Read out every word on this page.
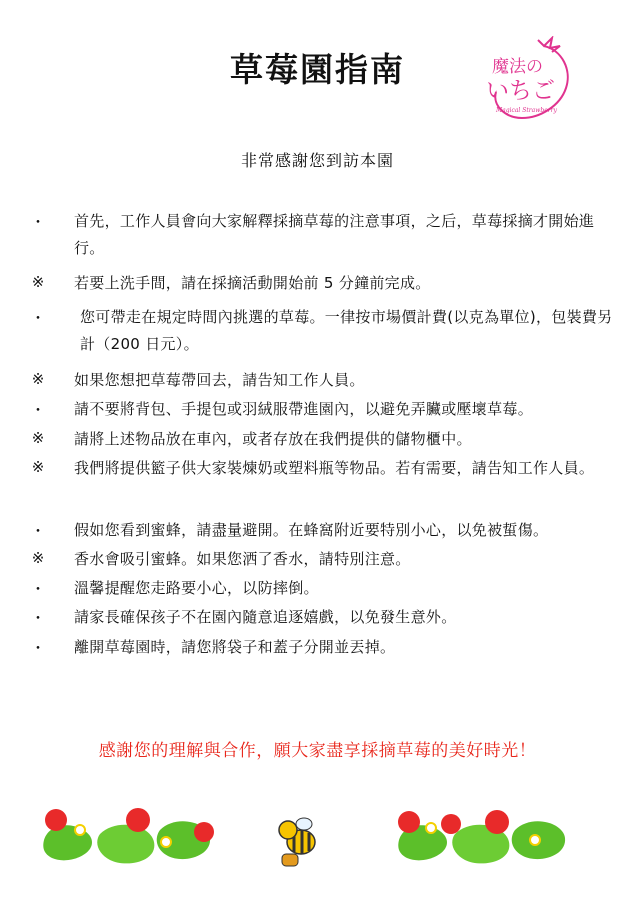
草莓園指南	魔法の
いちご
Magical Strawberry
非常感謝您到訪本園
・ 首先，工作人員會向大家解釋採摘草莓的注意事項，之后，草莓採摘才開始進行。
※	若要上洗手間，請在採摘活動開始前 5 分鐘前完成。
・ 您可帶走在規定時間內挑選的草莓。一律按市場價計費(以克為單位)，包裝費另計（200 日元）。
※	如果您想把草莓帶回去，請告知工作人員。
・ 請不要將背包、手提包或羽絨服帶進園內，以避免弄臟或壓壞草莓。
※	請將上述物品放在車內，或者存放在我們提供的儲物櫃中。
※	我們將提供籃子供大家裝煉奶或塑料瓶等物品。若有需要，請告知工作人員。
・ 假如您看到蜜蜂，請盡量避開。在蜂窩附近要特別小心，以免被蜇傷。
※	香水會吸引蜜蜂。如果您洒了香水，請特別注意。
・ 溫馨提醒您走路要小心，以防摔倒。
・ 請家長確保孩子不在園內隨意追逐嬉戲，以免發生意外。
・ 離開草莓園時，請您將袋子和蓋子分開並丟掉。
感謝您的理解與合作，願大家盡享採摘草莓的美好時光！
